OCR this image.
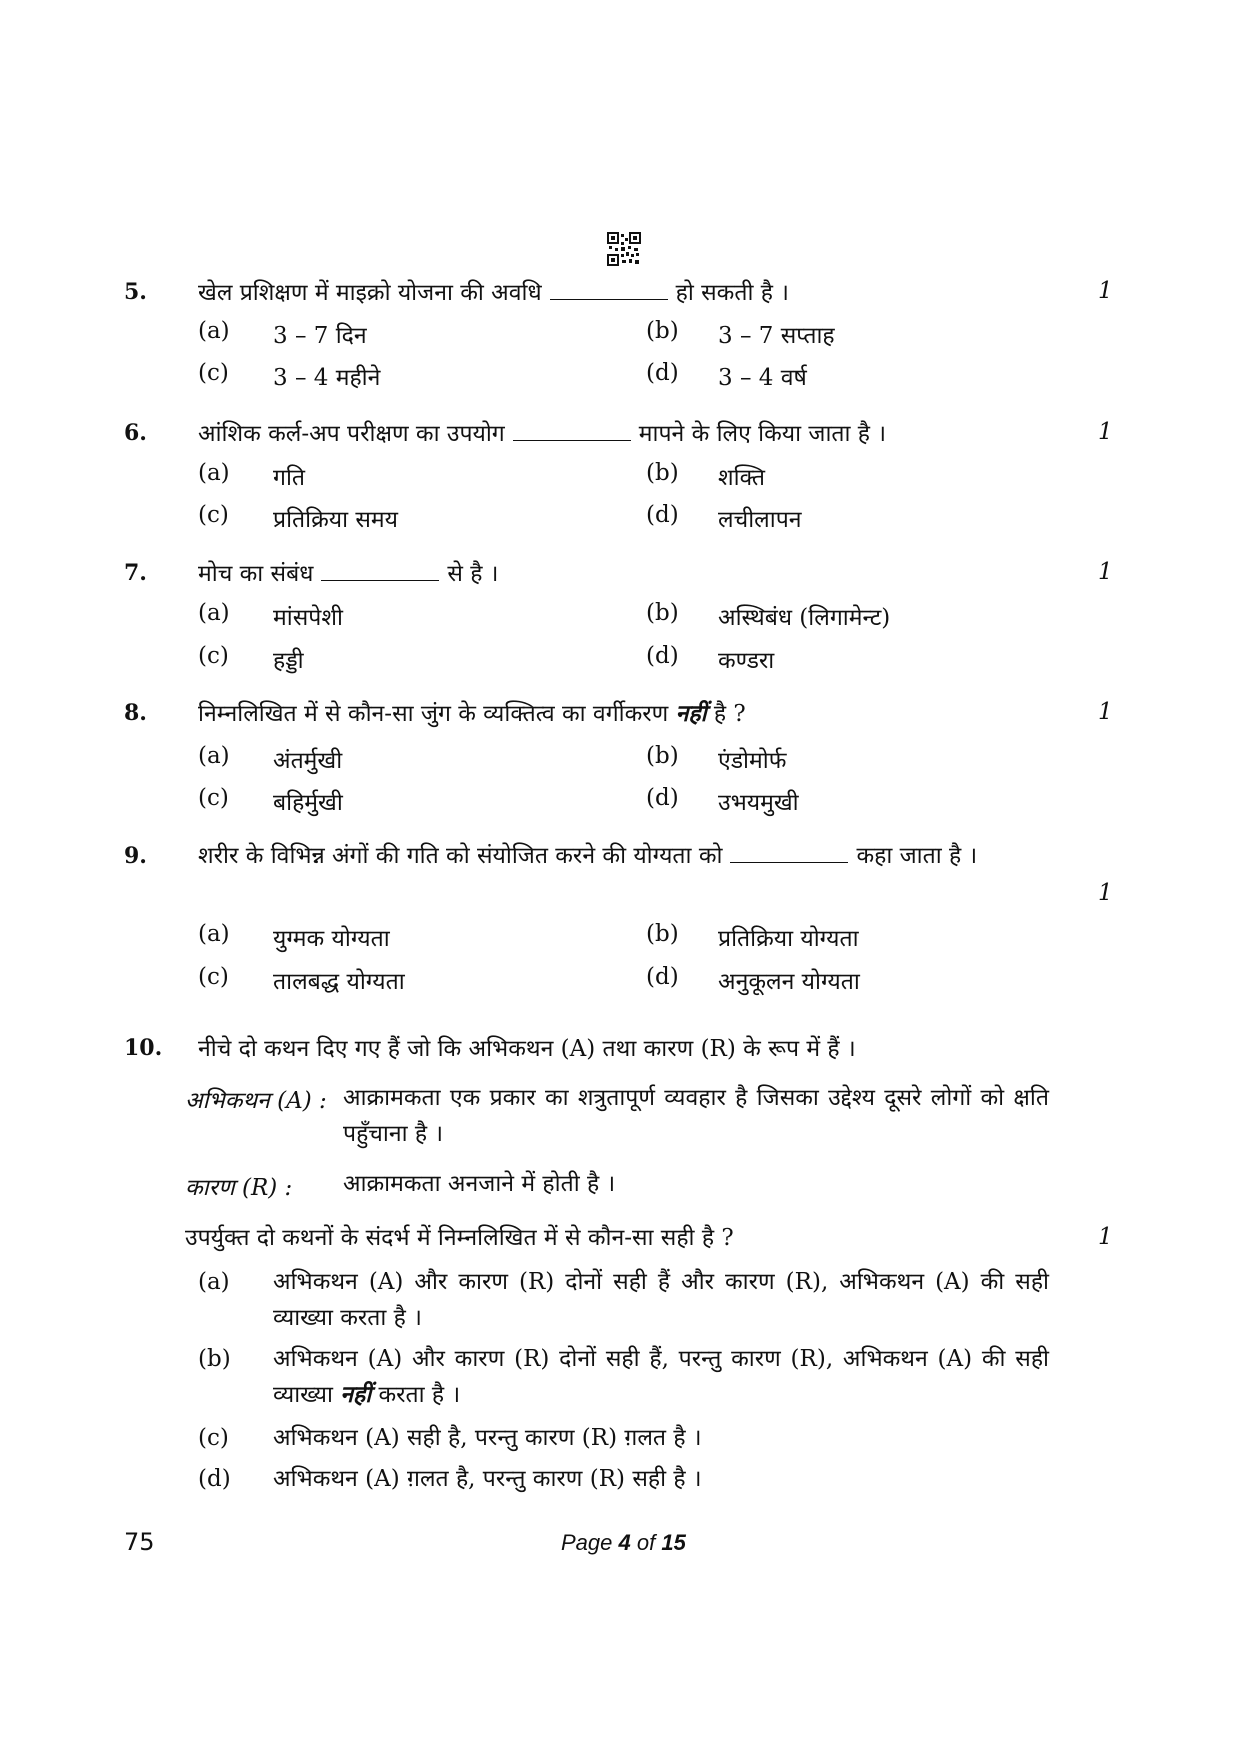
5. खेल प्रशिक्षण में माइक्रो योजना की अवधि	हो सकती है ।	1
(a) 3 – 7 दिन	(b) 3 – 7 सप्ताह
(c) 3 – 4 महीने	(d) 3 – 4 वर्ष
6. आंशिक कर्ल-अप परीक्षण का उपयोग	मापने के लिए किया जाता है ।	1
(a) गति	(b) शक्ति
(c) प्रतिक्रिया समय	(d) लचीलापन
7. मोच का संबंध	से है ।	1
(a) मांसपेशी	(b) अस्थिबंध (लिगामेन्ट)
(c) हड्डी	(d) कण्डरा
8. निम्नलिखित में से कौन-सा जुंग के व्यक्तित्व का वर्गीकरण नहीं है ?	1
(a) अंतर्मुखी	(b) एंडोमोर्फ
(c) बहिर्मुखी	(d) उभयमुखी
9. शरीर के विभिन्न अंगों की गति को संयोजित करने की योग्यता को	कहा जाता है ।
1
(a) युग्मक योग्यता	(b) प्रतिक्रिया योग्यता
(c) तालबद्ध योग्यता	(d) अनुकूलन योग्यता
10. नीचे दो कथन दिए गए हैं जो कि अभिकथन (A) तथा कारण (R) के रूप में हैं ।
अभिकथन (A) : आक्रामकता एक प्रकार का शत्रुतापूर्ण व्यवहार है जिसका उद्देश्य दूसरे लोगों को क्षति पहुँचाना है ।
कारण (R) : आक्रामकता अनजाने में होती है ।
उपर्युक्त दो कथनों के संदर्भ में निम्नलिखित में से कौन-सा सही है ?	1
(a) अभिकथन (A) और कारण (R) दोनों सही हैं और कारण (R), अभिकथन (A) की सही व्याख्या करता है ।
(b) अभिकथन (A) और कारण (R) दोनों सही हैं, परन्तु कारण (R), अभिकथन (A) की सही व्याख्या नहीं करता है ।
(c) अभिकथन (A) सही है, परन्तु कारण (R) ग़लत है ।
(d) अभिकथन (A) ग़लत है, परन्तु कारण (R) सही है ।
75	Page 4 of 15
